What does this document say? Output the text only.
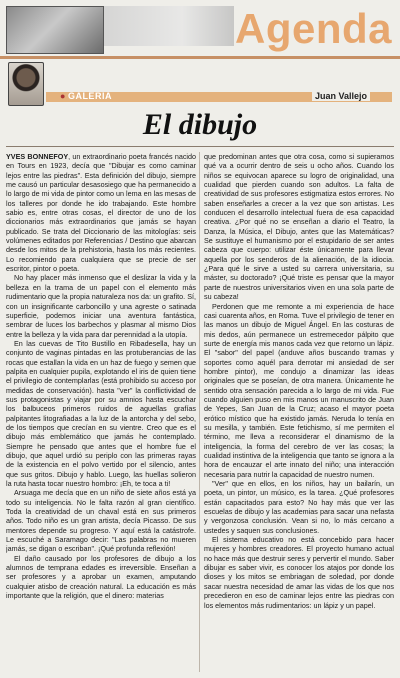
Agenda
● GALERIA	Juan Vallejo
El dibujo

YVES BONNEFOY, un extraordinario poeta francés nacido en Tours en 1923, decía que "Dibujar es como caminar lejos entre las piedras". Esta definición del dibujo, siempre me causó un particular desasosiego que ha permanecido a lo largo de mi vida de pintor como un lema en las mesas de los talleres por donde he ido trabajando. Este hombre sabio es, entre otras cosas, el director de uno de los diccionarios más extraordinarios que jamás se hayan publicado. Se trata del Diccionario de las mitologías: seis volúmenes editados por Referencias / Destino que abarcan desde los mitos de la prehistoria, hasta los más recientes. Lo recomiendo para cualquiera que se precie de ser escritor, pintor o poeta.

No hay placer más inmenso que el deslizar la vida y la belleza en la trama de un papel con el elemento más rudimentario que la propia naturaleza nos da: un grafito. Sí, con un insignificante carboncillo y una agreste o satinada superficie, podemos iniciar una aventura fantástica, sembrar de luces los barbechos y plasmar al mismo Dios entre la belleza y la vida para dar perennidad a la utopía.

En las cuevas de Tito Bustillo en Ribadesella, hay un conjunto de vaginas pintadas en las protuberancias de las rocas que estallan la vida en un haz de fuego y semen que palpita en cualquier pupila, explotando el iris de quien tiene el privilegio de contemplarlas (está prohibido su acceso por medidas de conservación). hasta "ver" la conflictividad de sus protagonistas y viajar por su amnios hasta escuchar los balbuceos primeros ruidos de aguellas grafías palpitantes litografiadas a la luz de la antorcha y del sebo, de los tiempos que crecían en su vientre. Creo que es el dibujo más emblemático que jamás he contemplado. Siempre he pensado que antes que el hombre fue el dibujo, que aquel urdió su periplo con las primeras rayas de la existencia en el polvo vertido por el silencio, antes que sus gritos. Dibujo y hablo. Luego, las huellas solieron la ruta hasta tocar nuestro hombro: ¡Eh, te toca a ti!

Arsuaga me decía que en un niño de siete años está ya todo su inteligencia. No le falta razón al gran científico. Toda la creatividad de un chaval está en sus primeros años. Todo niño es un gran artista, decía Picasso. De sus mentores depende su progreso. Y aquí está la catástrofe. Le escuché a Saramago decir: "Las palabras no mueren jamás, se digan o escriban". ¡Qué profunda reflexión!

El daño causado por los profesores de dibujo a los alumnos de temprana edades es irreversible. Enseñan a ser profesores y a aprobar un examen, amputando cualquier atisbo de creación natural. La educación es más importante que la religión, que el dinero: materias

que predominan antes que otra cosa, como si supieramos qué va a ocurrir dentro de seis u ocho años. Cuando los niños se equivocan aparece su logro de originalidad, una cualidad que pierden cuando son adultos. La falta de creatividad de sus profesores estigmatiza estos errores. No saben enseñarles a crecer a la vez que son artistas. Les conducen el desarrollo intelectual fuera de esa capacidad creativa. ¿Por qué no se enseñan a diario el Teatro, la Danza, la Música, el Dibujo, antes que las Matemáticas? Se sustituye el humanismo por el estupidario de ser antes cabeza que cuerpo: utilizar éste únicamente para llevar aquella por los senderos de la alienación, de la idiocia. ¿Para qué le sirve a usted su carrera universitaria, su máster, su doctorado? ¡Qué triste es pensar que la mayor parte de nuestros universitarios viven en una sola parte de su cabeza!

Perdonen que me remonte a mi experiencia de hace casi cuarenta años, en Roma. Tuve el privilegio de tener en las manos un dibujo de Miguel Ángel. En las costuras de mis dedos, aún permanece un estremecedor pálpito que surte de energía mis manos cada vez que retorno un lápiz. El "sabor" del papel (anduve años buscando tramas y soportes como aquél para derrotar mi ansiedad de ser hombre pintor), me condujo a dinamizar las ideas originales que se poseían, de otra manera. Únicamente he sentido otra sensación parecida a lo largo de mi vida. Fue cuando alguien puso en mis manos un manuscrito de Juan de Yepes, San Juan de la Cruz; acaso el mayor poeta erótico místico que ha existido jamás. Nerudа lo tenía en su mesilla, y también. Este fetichismo, sí me permiten el término, me lleva a reconsiderar el dinamismo de la inteligencia, la forma del cerebro de ver las cosas; la cualidad instintiva de la inteligencia que tanto se ignora a la hora de encauzar el arte innato del niño; una interacción necesaria para nutrir la capacidad de nuestro numen.

"Ver" que en ellos, en los niños, hay un bailarín, un poeta, un pintor, un músico, es la tarea. ¿Qué profesores están capacitados para esto? No hay más que ver las escuelas de dibujo y las academias para sacar una nefasta y vergonzosa conclusión. Vean si no, lo más cercano a ustedes y saquen sus conclusiones.

El sistema educativo no está concebido para hacer mujeres y hombres creadores. El proyecto humano actual no hace más que destruir seres y pervertir el mundo. Saber dibujar es saber vivir, es conocer los atajos por donde los dioses y los mitos se embriagan de soledad, por donde sacar nuestra necesidad de amar las vidas de los que nos precedieron en eso de caminar lejos entre las piedras con los elementos más rudimentarios: un lápiz y un papel.
